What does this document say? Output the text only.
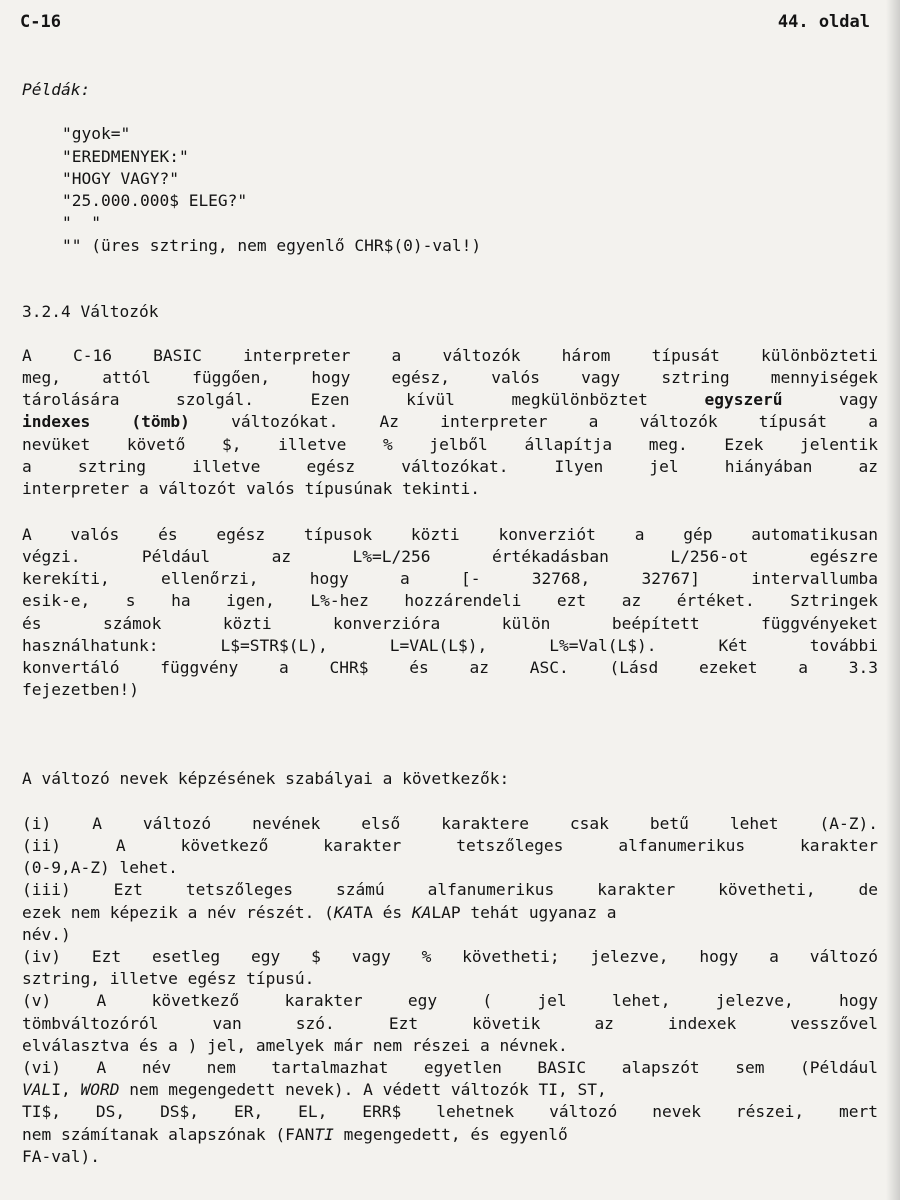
C-16	44. oldal
Példák:
"gyok="
"EREDMENYEK:"
"HOGY VAGY?"
"25.000.000$ ELEG?"
"  "
"" (üres sztring, nem egyenlő CHR$(0)-val!)
3.2.4 Változók
A C-16 BASIC interpreter a változók három típusát különbözteti
meg, attól függően, hogy egész, valós vagy sztring mennyiségek
tárolására szolgál. Ezen kívül megkülönböztet	egyszerű	vagy
indexes (tömb)	változókat. Az interpreter a változók típusát a
nevüket követő $, illetve % jelből állapítja meg. Ezek jelentik
a sztring illetve egész változókat. Ilyen jel hiányában az
interpreter a változót valós típusúnak tekinti.
A valós és egész típusok közti konverziót a gép automatikusan
végzi. Például az L%=L/256 értékadásban L/256-ot egészre
kerekíti, ellenőrzi, hogy a [- 32768, 32767] intervallumba
esik-e, s ha igen, L%-hez hozzárendeli ezt az értéket. Sztringek
és számok közti konverzióra külön beépített függvényeket
használhatunk: L$=STR$(L), L=VAL(L$), L%=Val(L$). Két további
konvertáló függvény a CHR$ és az ASC. (Lásd ezeket a 3.3
fejezetben!)
A változó nevek képzésének szabályai a következők:
(i) A változó nevének első karaktere csak betű lehet (A-Z).
(ii) A következő karakter tetszőleges alfanumerikus karakter
(0-9,A-Z) lehet.
(iii) Ezt tetszőleges számú alfanumerikus karakter követheti, de
ezek nem képezik a név részét. (KATA és KALAP tehát ugyanaz a
név.)
(iv) Ezt esetleg egy $ vagy % követheti; jelezve, hogy a változó
sztring, illetve egész típusú.
(v) A következő karakter egy ( jel lehet, jelezve, hogy
tömbváltozóról van szó. Ezt követik az indexek vesszővel
elválasztva és a ) jel, amelyek már nem részei a névnek.
(vi) A név nem tartalmazhat egyetlen BASIC alapszót sem (Például
VALI, WORD nem megengedett nevek). A védett változók TI, ST,
TI$, DS, DS$, ER, EL, ERR$ lehetnek változó nevek részei, mert
nem számítanak alapszónak (FANTI megengedett, és egyenlő
FA-val).
